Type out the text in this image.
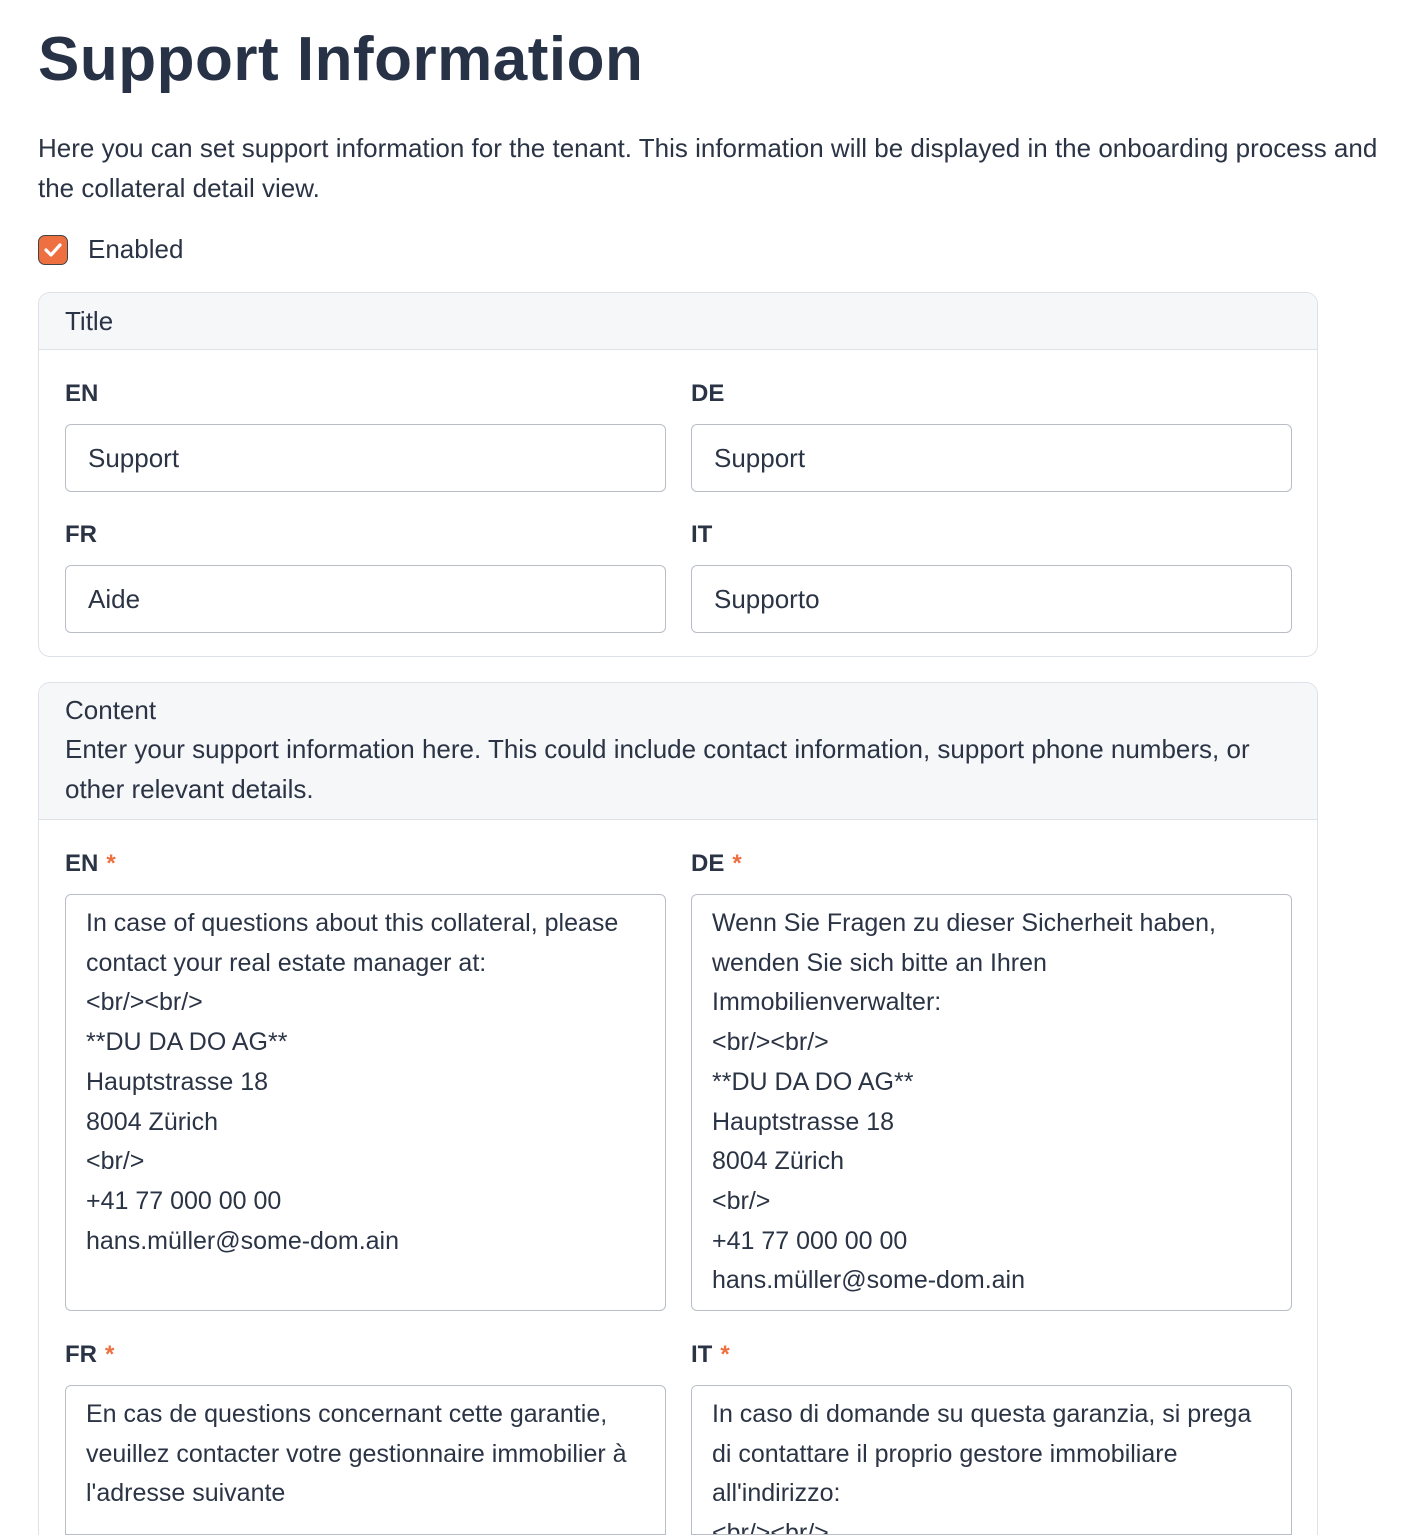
Support Information

Here you can set support information for the tenant. This information will be displayed in the onboarding process and the collateral detail view.

Enabled
Title
EN
Support	DE
Support
FR
Aide	IT
Supporto
Content
Enter your support information here. This could include contact information, support phone numbers, or other relevant details.
EN *
In case of questions about this collateral, please contact your real estate manager at: <br/><br/> **DU DA DO AG** Hauptstrasse 18 8004 Zürich <br/> +41 77 000 00 00 hans.müller@some-dom.ain	DE *
Wenn Sie Fragen zu dieser Sicherheit haben, wenden Sie sich bitte an Ihren Immobilienverwalter: <br/><br/> **DU DA DO AG** Hauptstrasse 18 8004 Zürich <br/> +41 77 000 00 00 hans.müller@some-dom.ain
FR *
En cas de questions concernant cette garantie, veuillez contacter votre gestionnaire immobilier à l'adresse suivante	IT *
In caso di domande su questa garanzia, si prega di contattare il proprio gestore immobiliare all'indirizzo: <br/><br/>
